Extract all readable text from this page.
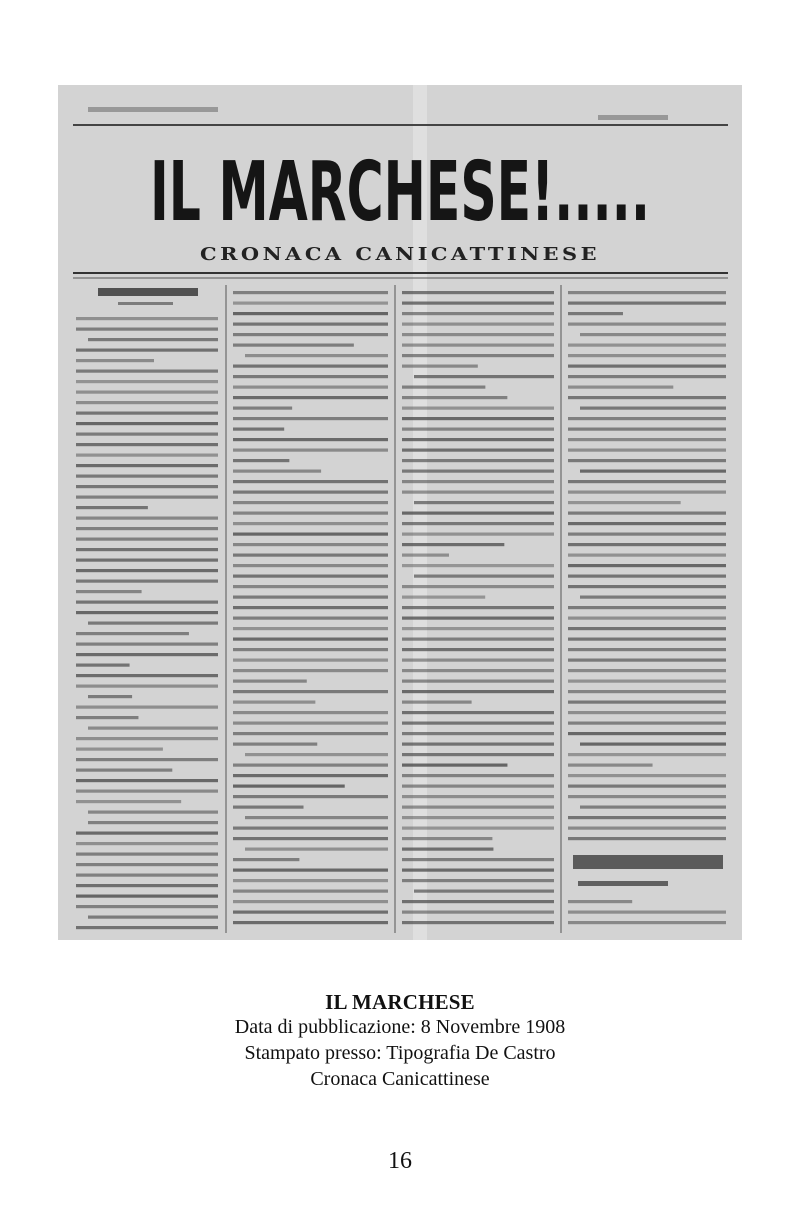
IL MARCHESE!.....
CRONACA CANICATTINESE
IL MARCHESE
Data di pubblicazione: 8 Novembre 1908
Stampato presso: Tipografia De Castro
Cronaca Canicattinese
16
